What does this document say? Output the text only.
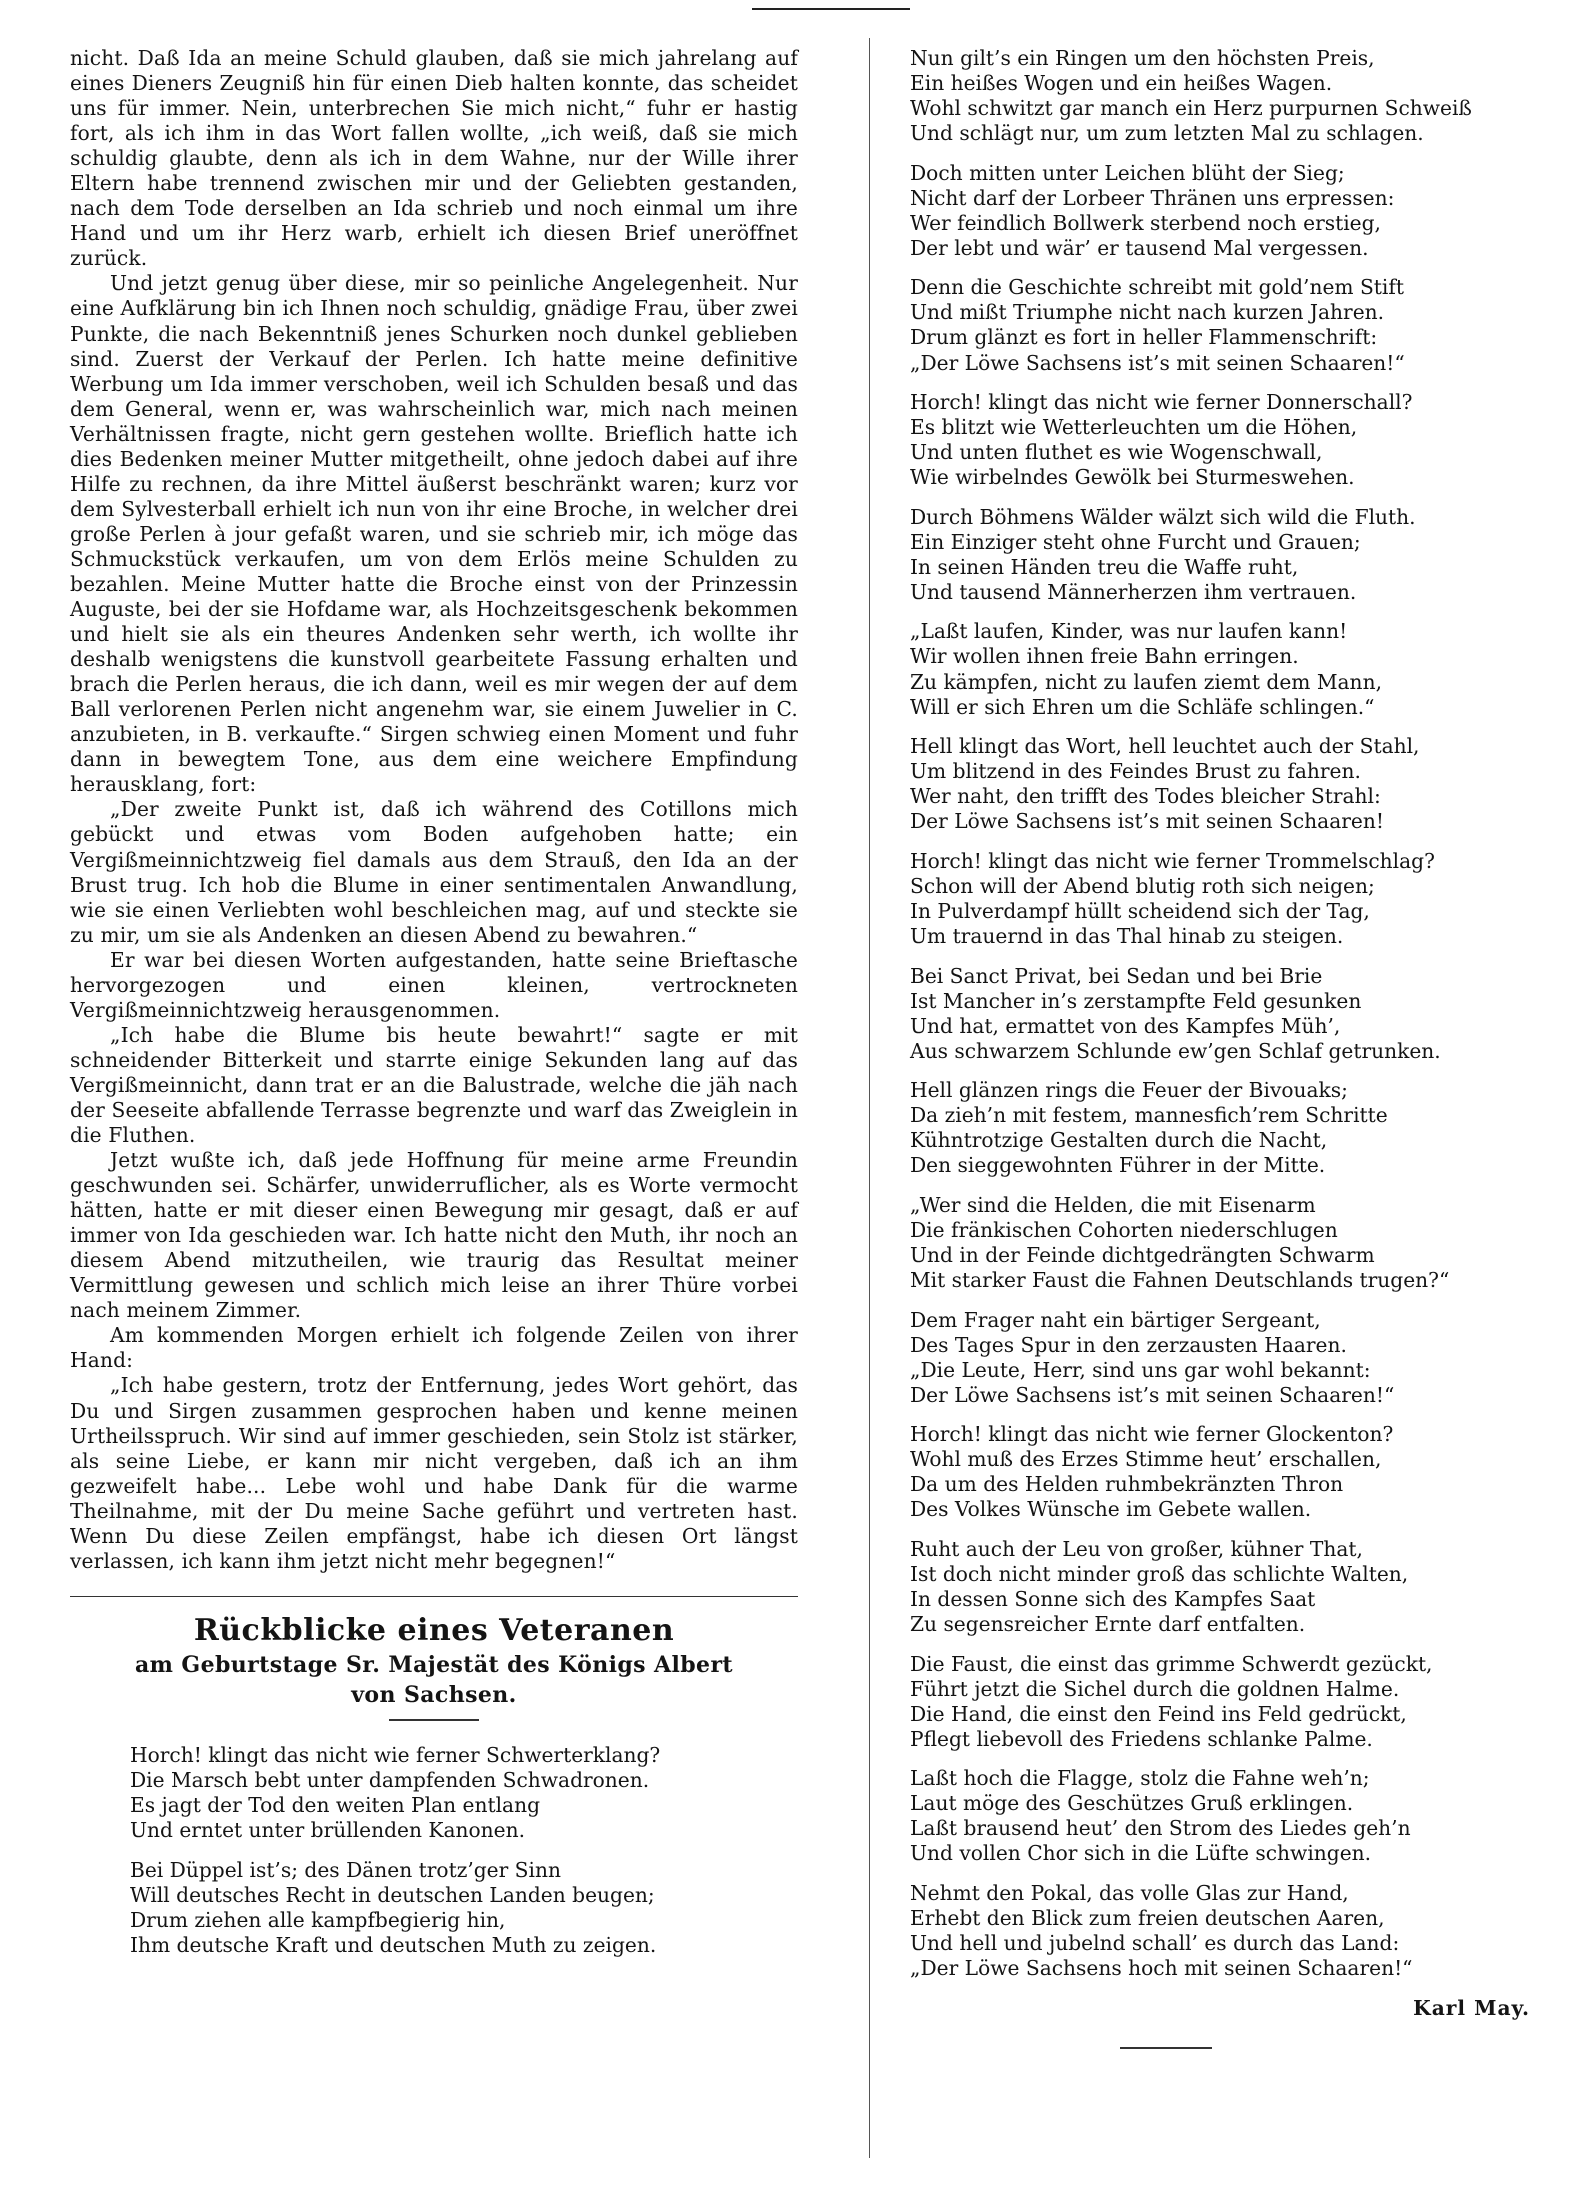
nicht. Daß Ida an meine Schuld glauben, daß sie mich jahrelang auf eines Dieners Zeugniß hin für einen Dieb halten konnte, das scheidet uns für immer. Nein, unterbrechen Sie mich nicht,“ fuhr er hastig fort, als ich ihm in das Wort fallen wollte, „ich weiß, daß sie mich schuldig glaubte, denn als ich in dem Wahne, nur der Wille ihrer Eltern habe trennend zwischen mir und der Geliebten gestanden, nach dem Tode derselben an Ida schrieb und noch einmal um ihre Hand und um ihr Herz warb, erhielt ich diesen Brief uneröffnet zurück.

Und jetzt genug über diese, mir so peinliche Angelegenheit. Nur eine Aufklärung bin ich Ihnen noch schuldig, gnädige Frau, über zwei Punkte, die nach Bekenntniß jenes Schurken noch dunkel geblieben sind. Zuerst der Verkauf der Perlen. Ich hatte meine definitive Werbung um Ida immer verschoben, weil ich Schulden besaß und das dem General, wenn er, was wahrscheinlich war, mich nach meinen Verhältnissen fragte, nicht gern gestehen wollte. Brieflich hatte ich dies Bedenken meiner Mutter mitgetheilt, ohne jedoch dabei auf ihre Hilfe zu rechnen, da ihre Mittel äußerst beschränkt waren; kurz vor dem Sylvesterball erhielt ich nun von ihr eine Broche, in welcher drei große Perlen à jour gefaßt waren, und sie schrieb mir, ich möge das Schmuckstück verkaufen, um von dem Erlös meine Schulden zu bezahlen. Meine Mutter hatte die Broche einst von der Prinzessin Auguste, bei der sie Hofdame war, als Hochzeitsgeschenk bekommen und hielt sie als ein theures Andenken sehr werth, ich wollte ihr deshalb wenigstens die kunstvoll gearbeitete Fassung erhalten und brach die Perlen heraus, die ich dann, weil es mir wegen der auf dem Ball verlorenen Perlen nicht angenehm war, sie einem Juwelier in C. anzubieten, in B. verkaufte.“ Sirgen schwieg einen Moment und fuhr dann in bewegtem Tone, aus dem eine weichere Empfindung herausklang, fort:

„Der zweite Punkt ist, daß ich während des Cotillons mich gebückt und etwas vom Boden aufgehoben hatte; ein Vergißmeinnichtzweig fiel damals aus dem Strauß, den Ida an der Brust trug. Ich hob die Blume in einer sentimentalen Anwandlung, wie sie einen Verliebten wohl beschleichen mag, auf und steckte sie zu mir, um sie als Andenken an diesen Abend zu bewahren.“

Er war bei diesen Worten aufgestanden, hatte seine Brieftasche hervorgezogen und einen kleinen, vertrockneten Vergißmeinnichtzweig herausgenommen.

„Ich habe die Blume bis heute bewahrt!“ sagte er mit schneidender Bitterkeit und starrte einige Sekunden lang auf das Vergißmeinnicht, dann trat er an die Balustrade, welche die jäh nach der Seeseite abfallende Terrasse begrenzte und warf das Zweiglein in die Fluthen.

Jetzt wußte ich, daß jede Hoffnung für meine arme Freundin geschwunden sei. Schärfer, unwiderruflicher, als es Worte vermocht hätten, hatte er mit dieser einen Bewegung mir gesagt, daß er auf immer von Ida geschieden war. Ich hatte nicht den Muth, ihr noch an diesem Abend mitzutheilen, wie traurig das Resultat meiner Vermittlung gewesen und schlich mich leise an ihrer Thüre vorbei nach meinem Zimmer.

Am kommenden Morgen erhielt ich folgende Zeilen von ihrer Hand:

„Ich habe gestern, trotz der Entfernung, jedes Wort gehört, das Du und Sirgen zusammen gesprochen haben und kenne meinen Urtheilsspruch. Wir sind auf immer geschieden, sein Stolz ist stärker, als seine Liebe, er kann mir nicht vergeben, daß ich an ihm gezweifelt habe... Lebe wohl und habe Dank für die warme Theilnahme, mit der Du meine Sache geführt und vertreten hast. Wenn Du diese Zeilen empfängst, habe ich diesen Ort längst verlassen, ich kann ihm jetzt nicht mehr begegnen!“

Rückblicke eines Veteranen
am Geburtstage Sr. Majestät des Königs Albert
von Sachsen.
Horch! klingt das nicht wie ferner Schwerterklang?
Die Marsch bebt unter dampfenden Schwadronen.
Es jagt der Tod den weiten Plan entlang
Und erntet unter brüllenden Kanonen.
Bei Düppel ist’s; des Dänen trotz’ger Sinn
Will deutsches Recht in deutschen Landen beugen;
Drum ziehen alle kampfbegierig hin,
Ihm deutsche Kraft und deutschen Muth zu zeigen.
Nun gilt’s ein Ringen um den höchsten Preis,
Ein heißes Wogen und ein heißes Wagen.
Wohl schwitzt gar manch ein Herz purpurnen Schweiß
Und schlägt nur, um zum letzten Mal zu schlagen.
Doch mitten unter Leichen blüht der Sieg;
Nicht darf der Lorbeer Thränen uns erpressen:
Wer feindlich Bollwerk sterbend noch erstieg,
Der lebt und wär’ er tausend Mal vergessen.
Denn die Geschichte schreibt mit gold’nem Stift
Und mißt Triumphe nicht nach kurzen Jahren.
Drum glänzt es fort in heller Flammenschrift:
„Der Löwe Sachsens ist’s mit seinen Schaaren!“
Horch! klingt das nicht wie ferner Donnerschall?
Es blitzt wie Wetterleuchten um die Höhen,
Und unten fluthet es wie Wogenschwall,
Wie wirbelndes Gewölk bei Sturmeswehen.
Durch Böhmens Wälder wälzt sich wild die Fluth.
Ein Einziger steht ohne Furcht und Grauen;
In seinen Händen treu die Waffe ruht,
Und tausend Männerherzen ihm vertrauen.
„Laßt laufen, Kinder, was nur laufen kann!
Wir wollen ihnen freie Bahn erringen.
Zu kämpfen, nicht zu laufen ziemt dem Mann,
Will er sich Ehren um die Schläfe schlingen.“
Hell klingt das Wort, hell leuchtet auch der Stahl,
Um blitzend in des Feindes Brust zu fahren.
Wer naht, den trifft des Todes bleicher Strahl:
Der Löwe Sachsens ist’s mit seinen Schaaren!
Horch! klingt das nicht wie ferner Trommelschlag?
Schon will der Abend blutig roth sich neigen;
In Pulverdampf hüllt scheidend sich der Tag,
Um trauernd in das Thal hinab zu steigen.
Bei Sanct Privat, bei Sedan und bei Brie
Ist Mancher in’s zerstampfte Feld gesunken
Und hat, ermattet von des Kampfes Müh’,
Aus schwarzem Schlunde ew’gen Schlaf getrunken.
Hell glänzen rings die Feuer der Bivouaks;
Da zieh’n mit festem, mannesfich’rem Schritte
Kühntrotzige Gestalten durch die Nacht,
Den sieggewohnten Führer in der Mitte.
„Wer sind die Helden, die mit Eisenarm
Die fränkischen Cohorten niederschlugen
Und in der Feinde dichtgedrängten Schwarm
Mit starker Faust die Fahnen Deutschlands trugen?“
Dem Frager naht ein bärtiger Sergeant,
Des Tages Spur in den zerzausten Haaren.
„Die Leute, Herr, sind uns gar wohl bekannt:
Der Löwe Sachsens ist’s mit seinen Schaaren!“
Horch! klingt das nicht wie ferner Glockenton?
Wohl muß des Erzes Stimme heut’ erschallen,
Da um des Helden ruhmbekränzten Thron
Des Volkes Wünsche im Gebete wallen.
Ruht auch der Leu von großer, kühner That,
Ist doch nicht minder groß das schlichte Walten,
In dessen Sonne sich des Kampfes Saat
Zu segensreicher Ernte darf entfalten.
Die Faust, die einst das grimme Schwerdt gezückt,
Führt jetzt die Sichel durch die goldnen Halme.
Die Hand, die einst den Feind ins Feld gedrückt,
Pflegt liebevoll des Friedens schlanke Palme.
Laßt hoch die Flagge, stolz die Fahne weh’n;
Laut möge des Geschützes Gruß erklingen.
Laßt brausend heut’ den Strom des Liedes geh’n
Und vollen Chor sich in die Lüfte schwingen.
Nehmt den Pokal, das volle Glas zur Hand,
Erhebt den Blick zum freien deutschen Aaren,
Und hell und jubelnd schall’ es durch das Land:
„Der Löwe Sachsens hoch mit seinen Schaaren!“
Karl May.
